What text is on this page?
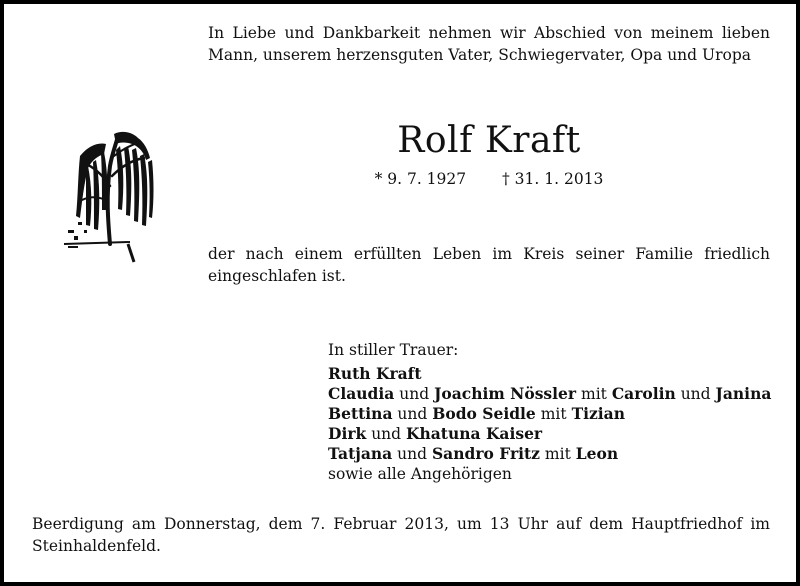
In Liebe und Dankbarkeit nehmen wir Abschied von meinem lieben
Mann, unserem herzensguten Vater, Schwiegervater, Opa und Uropa
Rolf Kraft
* 9. 7. 1927 † 31. 1. 2013
der nach einem erfüllten Leben im Kreis seiner Familie friedlich
eingeschlafen ist.
In stiller Trauer:
Ruth Kraft
Claudia und Joachim Nössler mit Carolin und Janina
Bettina und Bodo Seidle mit Tizian
Dirk und Khatuna Kaiser
Tatjana und Sandro Fritz mit Leon
sowie alle Angehörigen
Beerdigung am Donnerstag, dem 7. Februar 2013, um 13 Uhr auf dem Hauptfriedhof im
Steinhaldenfeld.
